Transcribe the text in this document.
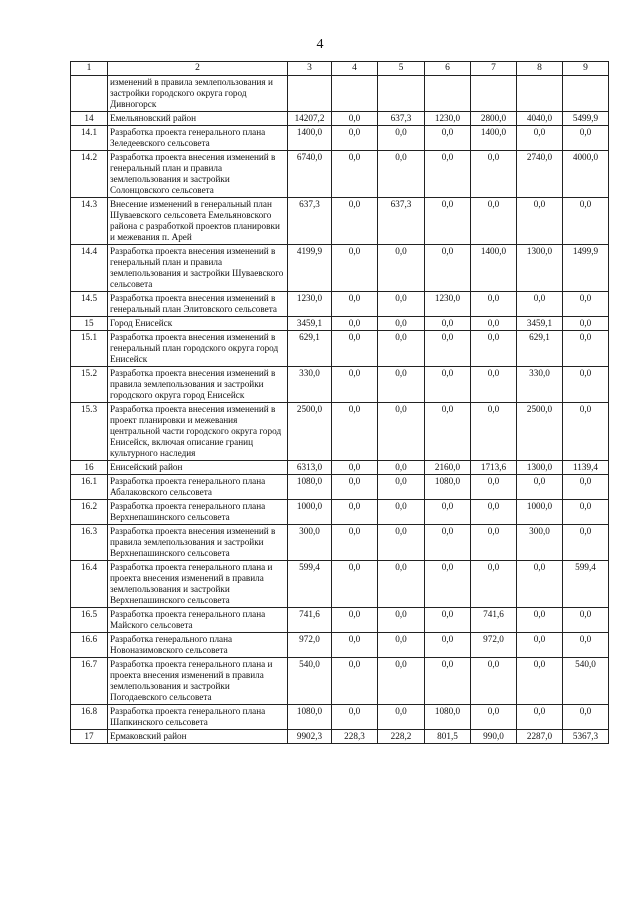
4
1	2	3	4	5	6	7	8	9
	изменений в правила землепользования и застройки городского округа город Дивногорск							
14	Емельяновский район	14207,2	0,0	637,3	1230,0	2800,0	4040,0	5499,9
14.1	Разработка проекта генерального плана Зеледеевского сельсовета	1400,0	0,0	0,0	0,0	1400,0	0,0	0,0
14.2	Разработка проекта внесения изменений в генеральный план и правила землепользования и застройки Солонцовского сельсовета	6740,0	0,0	0,0	0,0	0,0	2740,0	4000,0
14.3	Внесение изменений в генеральный план Шуваевского сельсовета Емельяновского района с разработкой проектов планировки и межевания п. Арей	637,3	0,0	637,3	0,0	0,0	0,0	0,0
14.4	Разработка проекта внесения изменений в генеральный план и правила землепользования и застройки Шуваевского сельсовета	4199,9	0,0	0,0	0,0	1400,0	1300,0	1499,9
14.5	Разработка проекта внесения изменений в генеральный план Элитовского сельсовета	1230,0	0,0	0,0	1230,0	0,0	0,0	0,0
15	Город Енисейск	3459,1	0,0	0,0	0,0	0,0	3459,1	0,0
15.1	Разработка проекта внесения изменений в генеральный план городского округа город Енисейск	629,1	0,0	0,0	0,0	0,0	629,1	0,0
15.2	Разработка проекта внесения изменений в правила землепользования и застройки городского округа город Енисейск	330,0	0,0	0,0	0,0	0,0	330,0	0,0
15.3	Разработка проекта внесения изменений в проект планировки и межевания центральной части городского округа город Енисейск, включая описание границ культурного наследия	2500,0	0,0	0,0	0,0	0,0	2500,0	0,0
16	Енисейский район	6313,0	0,0	0,0	2160,0	1713,6	1300,0	1139,4
16.1	Разработка проекта генерального плана Абалаковского сельсовета	1080,0	0,0	0,0	1080,0	0,0	0,0	0,0
16.2	Разработка проекта генерального плана Верхнепашинского сельсовета	1000,0	0,0	0,0	0,0	0,0	1000,0	0,0
16.3	Разработка проекта внесения изменений в правила землепользования и застройки Верхнепашинского сельсовета	300,0	0,0	0,0	0,0	0,0	300,0	0,0
16.4	Разработка проекта генерального плана и проекта внесения изменений в правила землепользования и застройки Верхнепашинского сельсовета	599,4	0,0	0,0	0,0	0,0	0,0	599,4
16.5	Разработка проекта генерального плана Майского сельсовета	741,6	0,0	0,0	0,0	741,6	0,0	0,0
16.6	Разработка генерального плана Новоназимовского сельсовета	972,0	0,0	0,0	0,0	972,0	0,0	0,0
16.7	Разработка проекта генерального плана и проекта внесения изменений в правила землепользования и застройки Погодаевского сельсовета	540,0	0,0	0,0	0,0	0,0	0,0	540,0
16.8	Разработка проекта генерального плана Шапкинского сельсовета	1080,0	0,0	0,0	1080,0	0,0	0,0	0,0
17	Ермаковский район	9902,3	228,3	228,2	801,5	990,0	2287,0	5367,3
